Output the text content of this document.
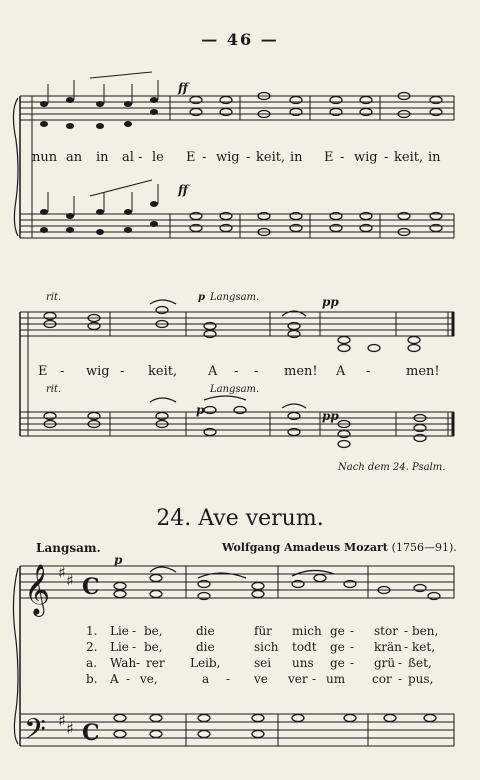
— 46 —
𝄞 ♯ ♯ C
𝄢 ♯ ♯ C
ff
ff
rit.
rit.
p Langsam.
Langsam.
p
pp
pp
p
nun an in al - le E - wig - keit, in E - wig - keit, in
E - wig - keit, A - - men! A -	men!
Nach dem 24. Psalm.
24. Ave verum.
Langsam.	Wolfgang Amadeus Mozart (1756—91).
1. Lie - be,	die	für mich ge - stor - ben,
2. Lie - be,	die	sich todt ge - krän - ket,
a. Wah - rer Leib,	sei uns ge - grü - ßet,
b. A - ve,	a - ve ver - um cor - pus,
